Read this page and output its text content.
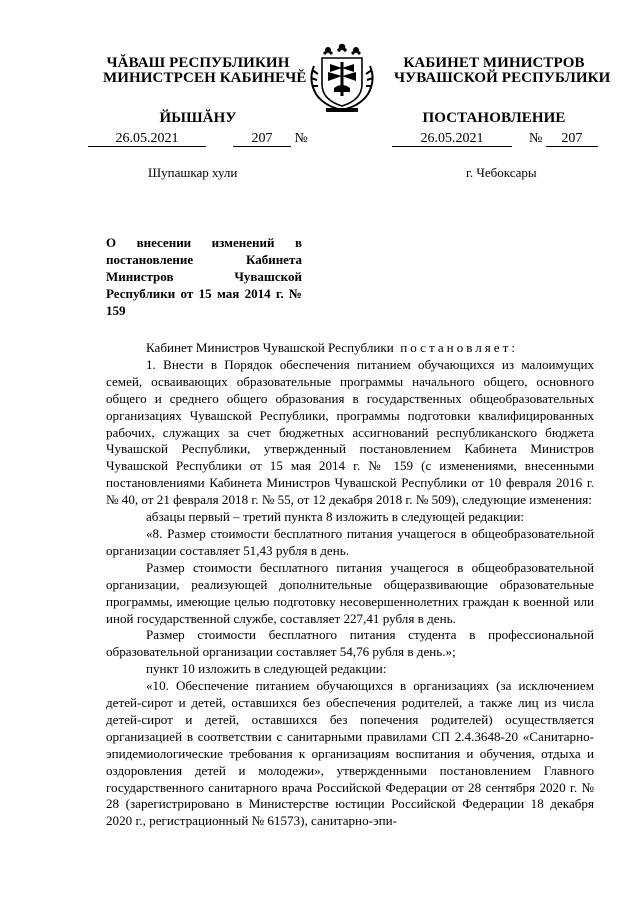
ЧĂВАШ РЕСПУБЛИКИН
МИНИСТРСЕН КАБИНЕЧĔ
ЙЫШĂНУ
КАБИНЕТ МИНИСТРОВ
ЧУВАШСКОЙ РЕСПУБЛИКИ
ПОСТАНОВЛЕНИЕ
26.05.2021	207 №	26.05.2021	№ 207
Шупашкар хули	г. Чебоксары
О внесении изменений в постановление Кабинета Министров Чувашской Республики от 15 мая 2014 г. № 159

Кабинет Министров Чувашской Республики постановляет:

1. Внести в Порядок обеспечения питанием обучающихся из малоимущих семей, осваивающих образовательные программы начального общего, основного общего и среднего общего образования в государственных общеобразовательных организациях Чувашской Республики, программы подготовки квалифицированных рабочих, служащих за счет бюджетных ассигнований республиканского бюджета Чувашской Республики, утвержденный постановлением Кабинета Министров Чувашской Республики от 15 мая 2014 г. № 159 (с изменениями, внесенными постановлениями Кабинета Министров Чувашской Республики от 10 февраля 2016 г. № 40, от 21 февраля 2018 г. № 55, от 12 декабря 2018 г. № 509), следующие изменения:

абзацы первый – третий пункта 8 изложить в следующей редакции:

«8. Размер стоимости бесплатного питания учащегося в общеобразовательной организации составляет 51,43 рубля в день.

Размер стоимости бесплатного питания учащегося в общеобразовательной организации, реализующей дополнительные общеразвивающие образовательные программы, имеющие целью подготовку несовершеннолетних граждан к военной или иной государственной службе, составляет 227,41 рубля в день.

Размер стоимости бесплатного питания студента в профессиональной образовательной организации составляет 54,76 рубля в день.»;

пункт 10 изложить в следующей редакции:

«10. Обеспечение питанием обучающихся в организациях (за исключением детей-сирот и детей, оставшихся без обеспечения родителей, а также лиц из числа детей-сирот и детей, оставшихся без попечения родителей) осуществляется организацией в соответствии с санитарными правилами СП 2.4.3648-20 «Санитарно-эпидемиологические требования к организациям воспитания и обучения, отдыха и оздоровления детей и молодежи», утвержденными постановлением Главного государственного санитарного врача Российской Федерации от 28 сентября 2020 г. № 28 (зарегистрировано в Министерстве юстиции Российской Федерации 18 декабря 2020 г., регистрационный № 61573), санитарно-эпи-
